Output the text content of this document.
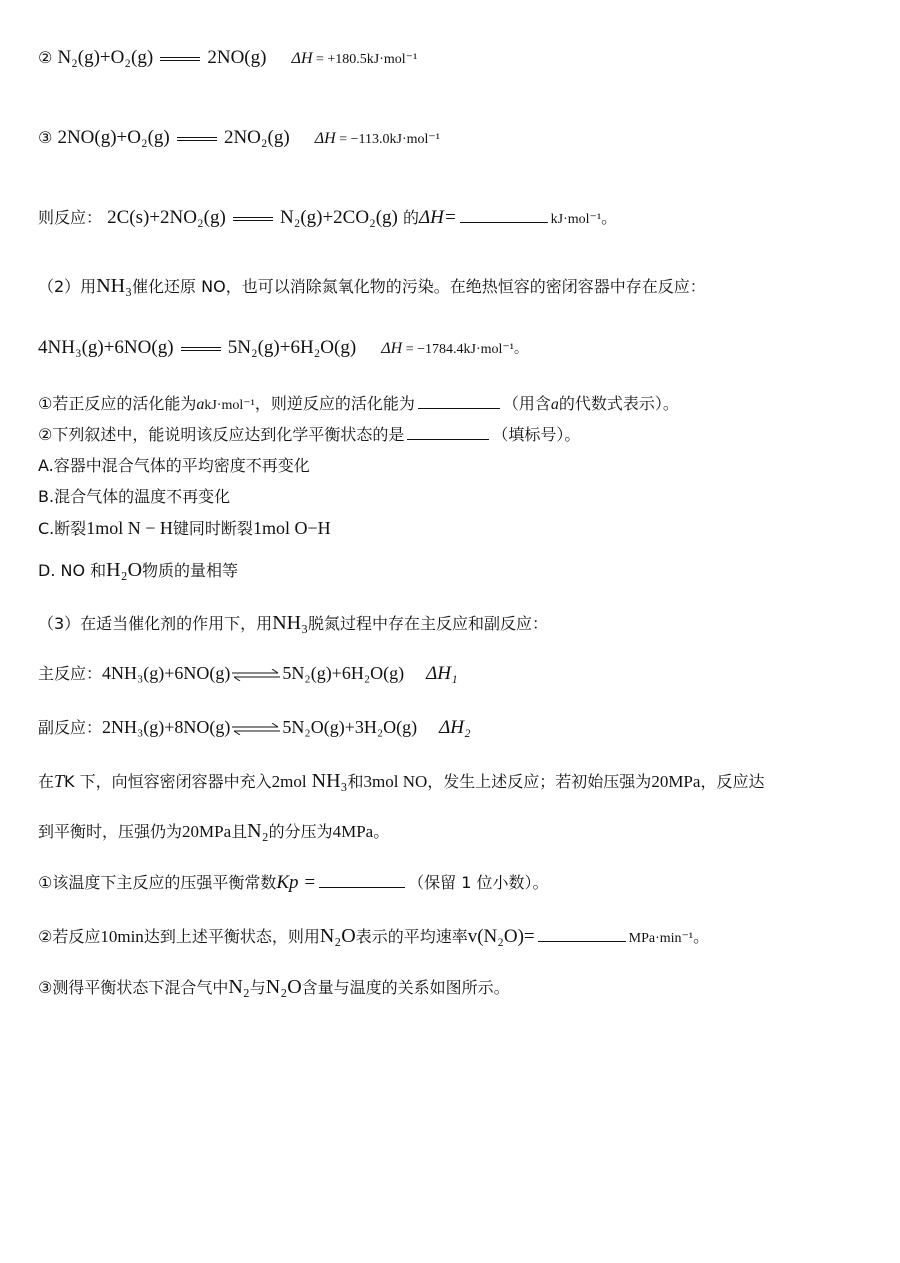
② N₂(g)+O₂(g)	2NO(g) ΔH = +180.5kJ·mol⁻¹
③ 2NO(g)+O₂(g)	2NO₂(g) ΔH = −113.0kJ·mol⁻¹
则反应： 2C(s)+2NO₂(g)	N₂(g)+2CO₂(g) 的ΔH=	kJ·mol⁻¹。
（2）用NH₃催化还原 NO，也可以消除氮氧化物的污染。在绝热恒容的密闭容器中存在反应：
4NH₃(g)+6NO(g)	5N₂(g)+6H₂O(g) ΔH = −1784.4kJ·mol⁻¹。
①若正反应的活化能为akJ·mol⁻¹，则逆反应的活化能为	（用含a的代数式表示）。
②下列叙述中，能说明该反应达到化学平衡状态的是	（填标号）。
A.容器中混合气体的平均密度不再变化
B.混合气体的温度不再变化
C.断裂1mol N − H键同时断裂1mol O−H
D. NO 和H₂O物质的量相等
（3）在适当催化剂的作用下，用NH₃脱氮过程中存在主反应和副反应：
主反应：4NH₃(g)+6NO(g) ⇌ 5N₂(g)+6H₂O(g) ΔH₁
副反应：2NH₃(g)+8NO(g) ⇌ 5N₂O(g)+3H₂O(g) ΔH₂
在TK 下，向恒容密闭容器中充入2mol NH₃和3mol NO，发生上述反应；若初始压强为20MPa，反应达
到平衡时，压强仍为20MPa且N₂的分压为4MPa。
①该温度下主反应的压强平衡常数Kp =	（保留 1 位小数）。
②若反应10min达到上述平衡状态，则用N₂O表示的平均速率v(N₂O)=	MPa·min⁻¹。
③测得平衡状态下混合气中N₂与N₂O含量与温度的关系如图所示。
